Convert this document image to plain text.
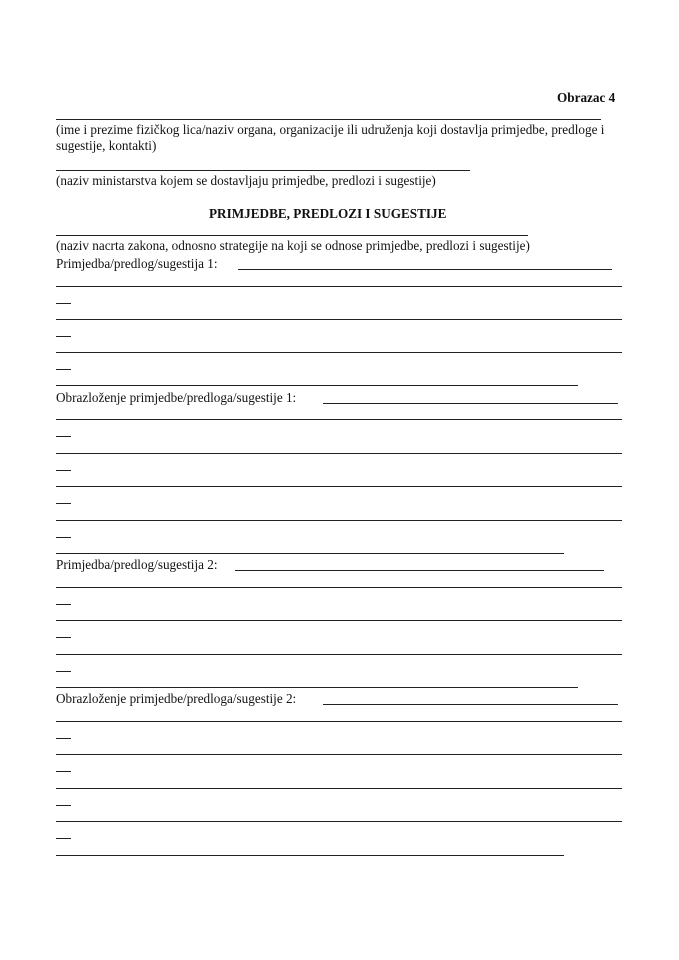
Obrazac 4
(ime i prezime fizičkog lica/naziv organa, organizacije ili udruženja koji dostavlja primjedbe, predloge i sugestije, kontakti)
(naziv ministarstva kojem se dostavljaju primjedbe, predlozi i sugestije)
PRIMJEDBE, PREDLOZI I SUGESTIJE
(naziv nacrta zakona, odnosno strategije na koji se odnose primjedbe, predlozi i sugestije)
Primjedba/predlog/sugestija 1:
Obrazloženje primjedbe/predloga/sugestije 1:
Primjedba/predlog/sugestija 2:
Obrazloženje primjedbe/predloga/sugestije 2:
